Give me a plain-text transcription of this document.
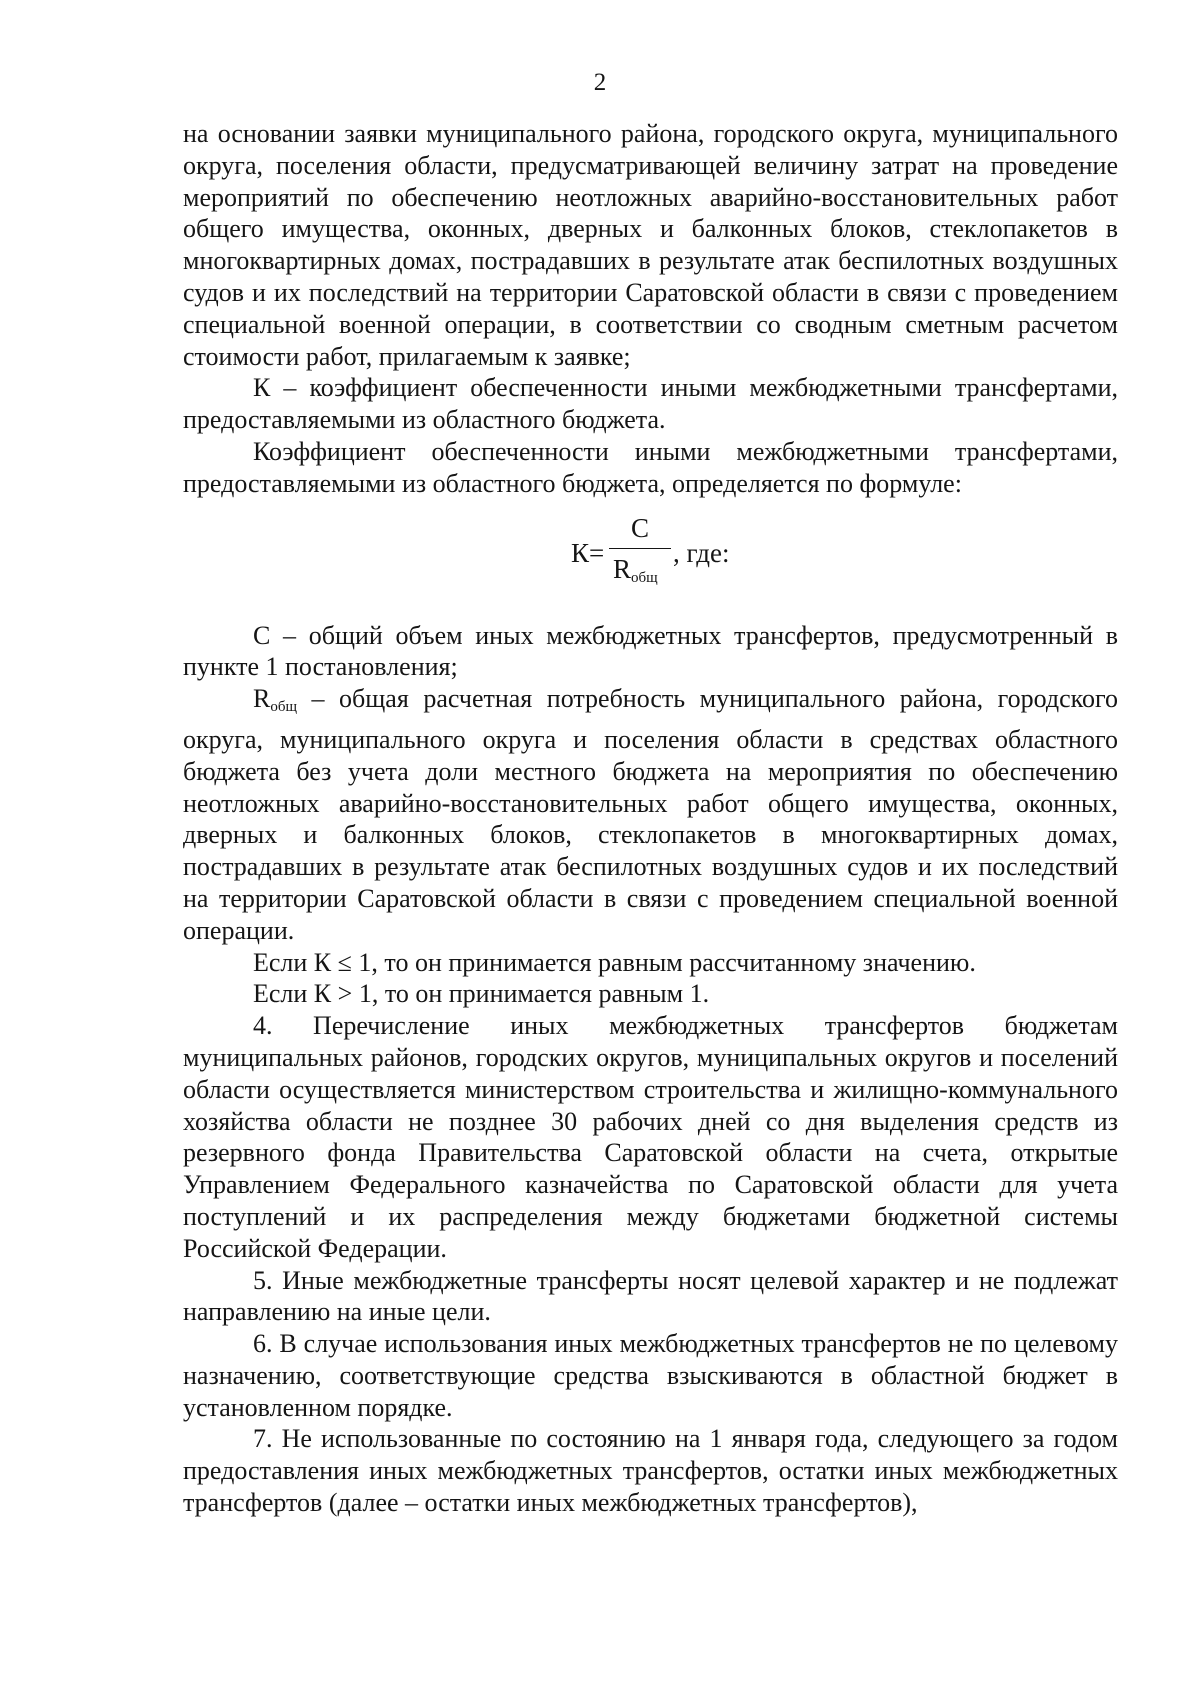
2

на основании заявки муниципального района, городского округа, муниципального округа, поселения области, предусматривающей величину затрат на проведение мероприятий по обеспечению неотложных аварийно-восстановительных работ общего имущества, оконных, дверных и балконных блоков, стеклопакетов в многоквартирных домах, пострадавших в результате атак беспилотных воздушных судов и их последствий на территории Саратовской области в связи с проведением специальной военной операции, в соответствии со сводным сметным расчетом стоимости работ, прилагаемым к заявке;

К – коэффициент обеспеченности иными межбюджетными трансфертами, предоставляемыми из областного бюджета.

Коэффициент обеспеченности иными межбюджетными трансфертами, предоставляемыми из областного бюджета, определяется по формуле:

К=
С
$R_{общ}$
, где:

С – общий объем иных межбюджетных трансфертов, предусмотренный в пункте 1 постановления;

$R_{общ}$ – общая расчетная потребность муниципального района, городского округа, муниципального округа и поселения области в средствах областного бюджета без учета доли местного бюджета на мероприятия по обеспечению неотложных аварийно-восстановительных работ общего имущества, оконных, дверных и балконных блоков, стеклопакетов в многоквартирных домах, пострадавших в результате атак беспилотных воздушных судов и их последствий на территории Саратовской области в связи с проведением специальной военной операции.

Если К ≤ 1, то он принимается равным рассчитанному значению.

Если К > 1, то он принимается равным 1.

4. Перечисление иных межбюджетных трансфертов бюджетам муниципальных районов, городских округов, муниципальных округов и поселений области осуществляется министерством строительства и жилищно-коммунального хозяйства области не позднее 30 рабочих дней со дня выделения средств из резервного фонда Правительства Саратовской области на счета, открытые Управлением Федерального казначейства по Саратовской области для учета поступлений и их распределения между бюджетами бюджетной системы Российской Федерации.

5. Иные межбюджетные трансферты носят целевой характер и не подлежат направлению на иные цели.

6. В случае использования иных межбюджетных трансфертов не по целевому назначению, соответствующие средства взыскиваются в областной бюджет в установленном порядке.

7. Не использованные по состоянию на 1 января года, следующего за годом предоставления иных межбюджетных трансфертов, остатки иных межбюджетных трансфертов (далее – остатки иных межбюджетных трансфертов),
